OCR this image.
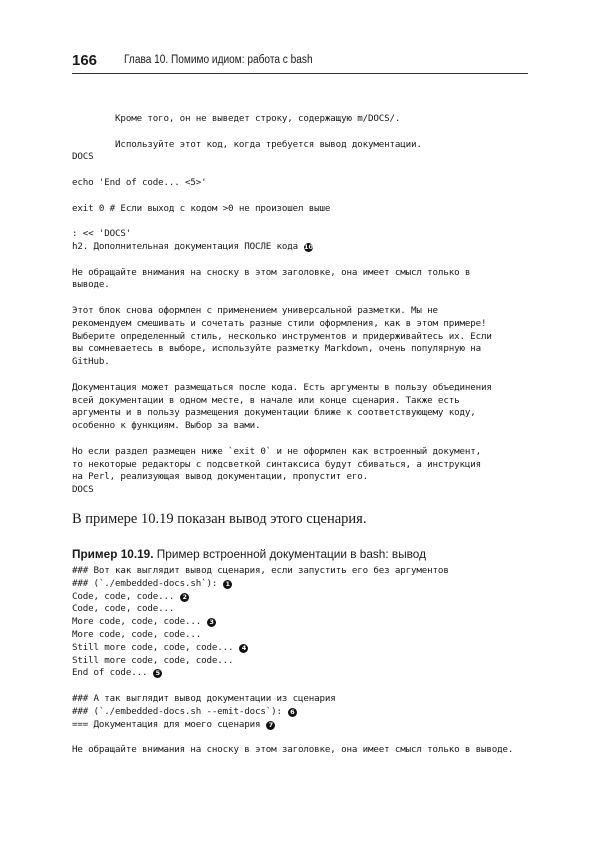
166 Глава 10. Помимо идиом: работа с bash
Кроме того, он не выведет строку, содержащую m/DOCS/.
Используйте этот код, когда требуется вывод документации.
DOCS
echo 'End of code... <5>'
exit 0 # Если выход с кодом >0 не произошел выше
: << 'DOCS'
h2. Дополнительная документация ПОСЛЕ кода 10
Не обращайте внимания на сноску в этом заголовке, она имеет смысл только в
выводе.
Этот блок снова оформлен с применением универсальной разметки. Мы не
рекомендуем смешивать и сочетать разные стили оформления, как в этом примере!
Выберите определенный стиль, несколько инструментов и придерживайтесь их. Если
вы сомневаетесь в выборе, используйте разметку Markdown, очень популярную на
GitHub.
Документация может размещаться после кода. Есть аргументы в пользу объединения
всей документации в одном месте, в начале или конце сценария. Также есть
аргументы и в пользу размещения документации ближе к соответствующему коду,
особенно к функциям. Выбор за вами.
Но если раздел размещен ниже `exit 0` и не оформлен как встроенный документ,
то некоторые редакторы с подсветкой синтаксиса будут сбиваться, а инструкция
на Perl, реализующая вывод документации, пропустит его.
DOCS
В примере 10.19 показан вывод этого сценария.
Пример 10.19. Пример встроенной документации в bash: вывод
### Вот как выглядит вывод сценария, если запустить его без аргументов
### (`./embedded-docs.sh`): 1
Code, code, code... 2
Code, code, code...
More code, code, code... 3
More code, code, code...
Still more code, code, code... 4
Still more code, code, code...
End of code... 5
### А так выглядит вывод документации из сценария
### (`./embedded-docs.sh --emit-docs`): 6
=== Документация для моего сценария 7
Не обращайте внимания на сноску в этом заголовке, она имеет смысл только в выводе.
